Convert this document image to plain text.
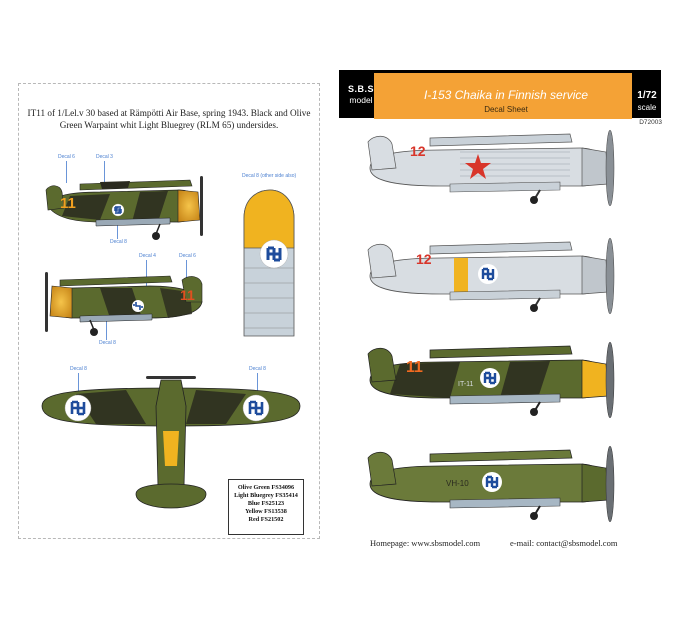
IT11 of 1/Lel.v 30 based at Rämpötti Air Base, spring 1943. Black and Olive Green Warpaint whit Light Bluegrey (RLM 65) undersides.

Decal 6	Decal 3
Decal 8
Decal 4	Decal 6
Decal 8
Decal 8 (other side also)
Decal 8	Decal 8
11
11
Olive Green FS34096
Light Bluegrey FS35414
Blue FS25123
Yellow FS13538
Red FS21502
S.B.S
model	I-153 Chaika in Finnish service
Decal Sheet
1/72
scale
D72003
12
12
11
IT-11
VH-10
Homepage: www.sbsmodel.com	e-mail: contact@sbsmodel.com
